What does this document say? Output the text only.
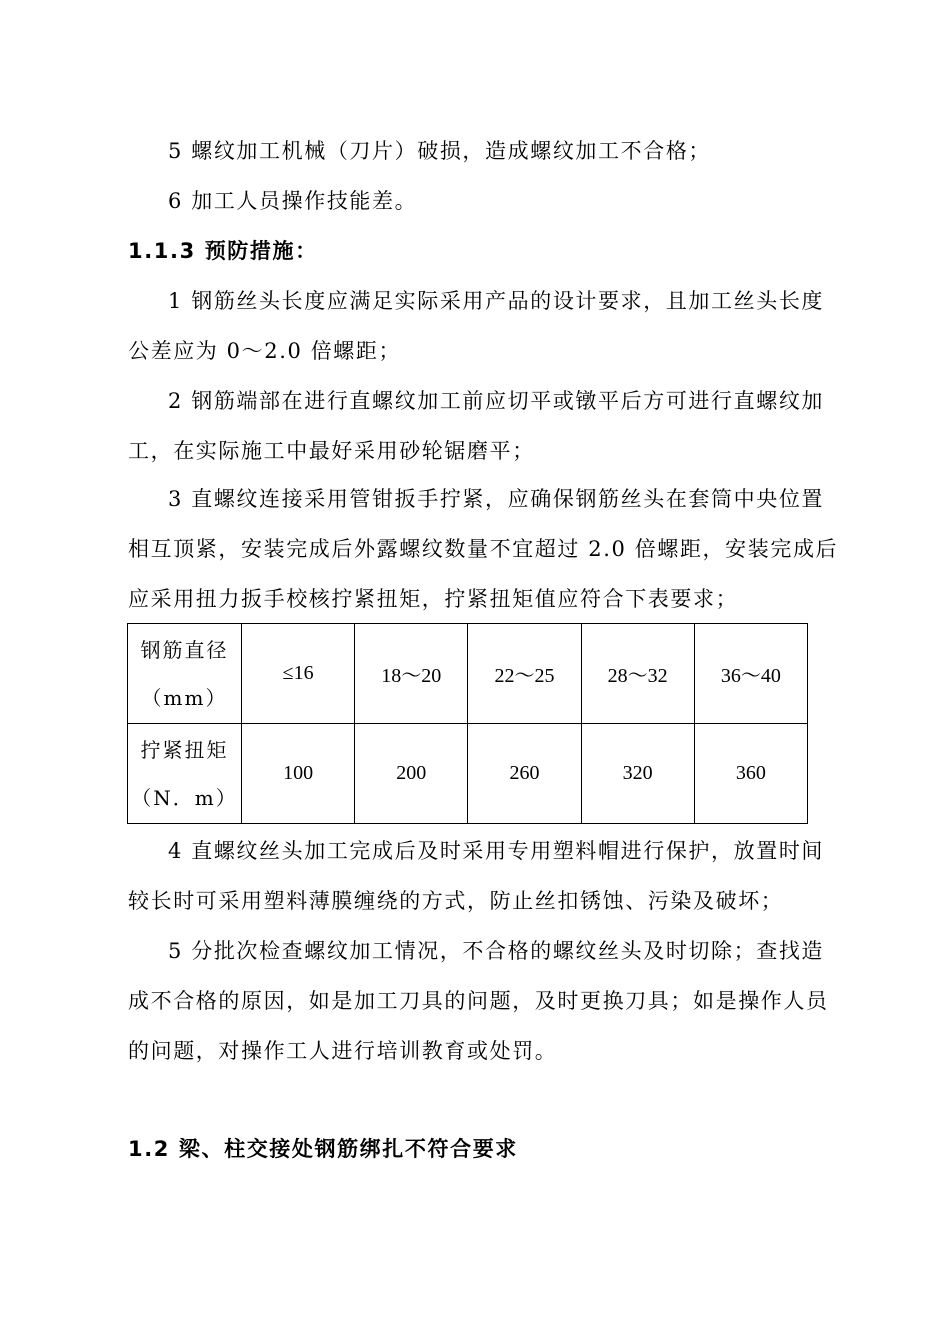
5 螺纹加工机械（刀片）破损，造成螺纹加工不合格；
6 加工人员操作技能差。
1.1.3 预防措施：
1 钢筋丝头长度应满足实际采用产品的设计要求，且加工丝头长度
公差应为 0～2.0 倍螺距；
2 钢筋端部在进行直螺纹加工前应切平或镦平后方可进行直螺纹加
工，在实际施工中最好采用砂轮锯磨平；
3 直螺纹连接采用管钳扳手拧紧，应确保钢筋丝头在套筒中央位置
相互顶紧，安装完成后外露螺纹数量不宜超过 2.0 倍螺距，安装完成后
应采用扭力扳手校核拧紧扭矩，拧紧扭矩值应符合下表要求；
钢筋直径
（mm）	≤16	18～20	22～25	28～32	36～40

拧紧扭矩
（N．m）	100	200	260	320	360
4 直螺纹丝头加工完成后及时采用专用塑料帽进行保护，放置时间
较长时可采用塑料薄膜缠绕的方式，防止丝扣锈蚀、污染及破坏；
5 分批次检查螺纹加工情况，不合格的螺纹丝头及时切除；查找造
成不合格的原因，如是加工刀具的问题，及时更换刀具；如是操作人员
的问题，对操作工人进行培训教育或处罚。
1.2 梁、柱交接处钢筋绑扎不符合要求
